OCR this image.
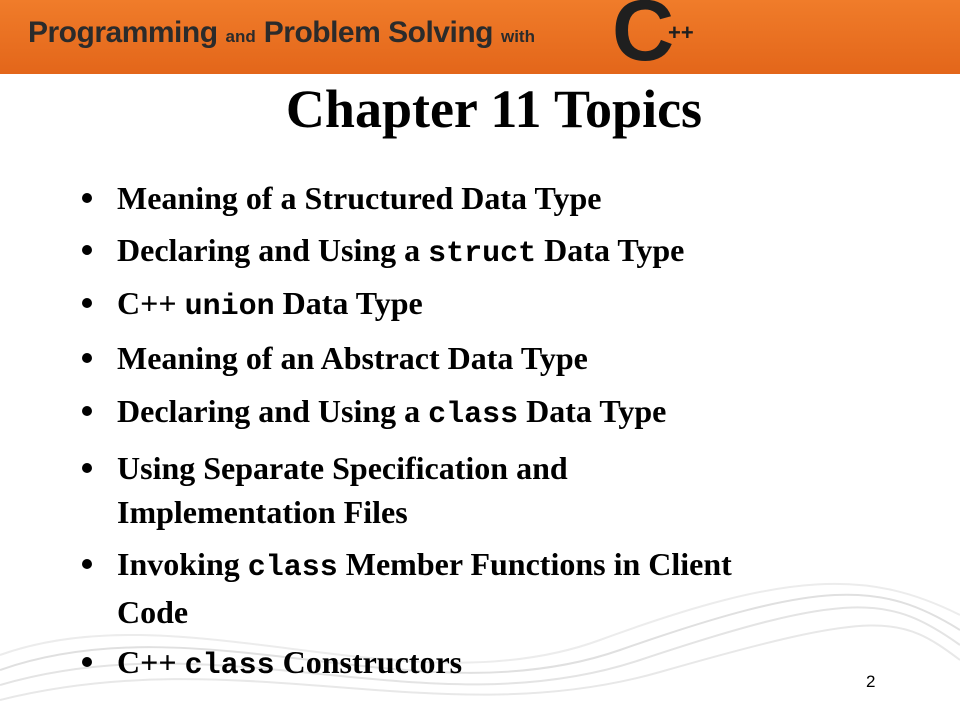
Programming and Problem Solving with C
++
Chapter 11 Topics
Meaning of a Structured Data Type
Declaring and Using a struct Data Type
C++ union Data Type
Meaning of an Abstract Data Type
Declaring and Using a class Data Type
Using Separate Specification and
Implementation Files
Invoking class Member Functions in Client
Code
C++ class Constructors
2
